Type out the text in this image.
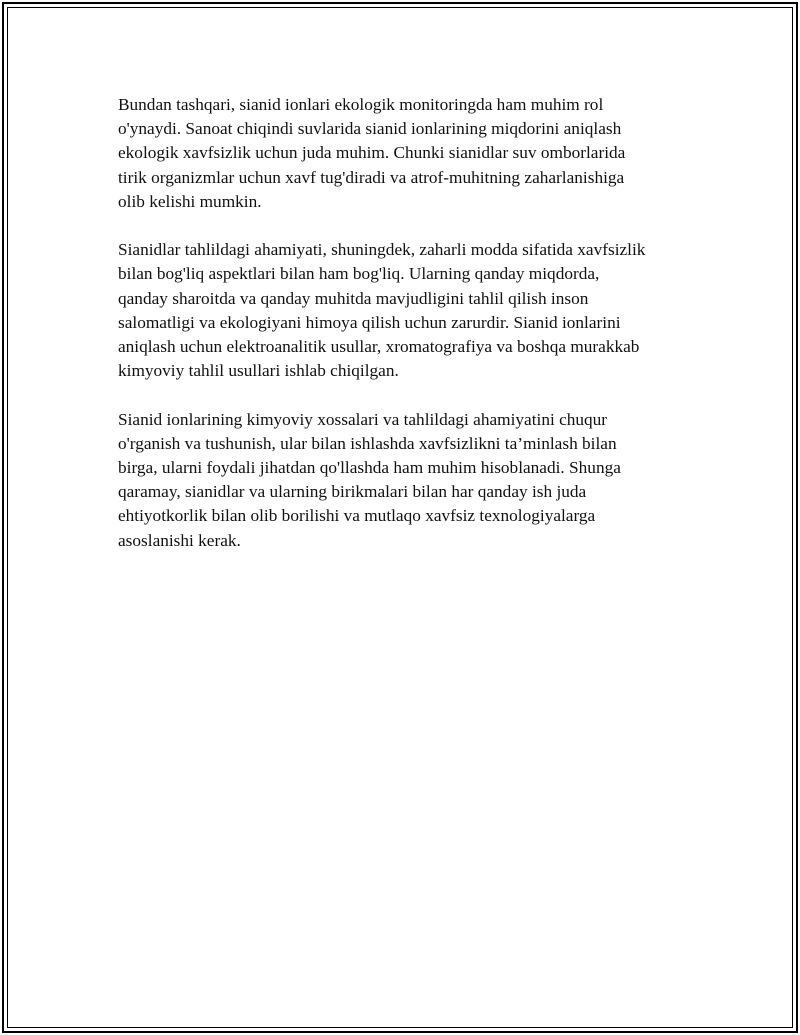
Bundan tashqari, sianid ionlari ekologik monitoringda ham muhim rol
o'ynaydi. Sanoat chiqindi suvlarida sianid ionlarining miqdorini aniqlash
ekologik xavfsizlik uchun juda muhim. Chunki sianidlar suv omborlarida
tirik organizmlar uchun xavf tug'diradi va atrof-muhitning zaharlanishiga
olib kelishi mumkin.

Sianidlar tahlildagi ahamiyati, shuningdek, zaharli modda sifatida xavfsizlik
bilan bog'liq aspektlari bilan ham bog'liq. Ularning qanday miqdorda,
qanday sharoitda va qanday muhitda mavjudligini tahlil qilish inson
salomatligi va ekologiyani himoya qilish uchun zarurdir. Sianid ionlarini
aniqlash uchun elektroanalitik usullar, xromatografiya va boshqa murakkab
kimyoviy tahlil usullari ishlab chiqilgan.

Sianid ionlarining kimyoviy xossalari va tahlildagi ahamiyatini chuqur
o'rganish va tushunish, ular bilan ishlashda xavfsizlikni ta’minlash bilan
birga, ularni foydali jihatdan qo'llashda ham muhim hisoblanadi. Shunga
qaramay, sianidlar va ularning birikmalari bilan har qanday ish juda
ehtiyotkorlik bilan olib borilishi va mutlaqo xavfsiz texnologiyalarga
asoslanishi kerak.
